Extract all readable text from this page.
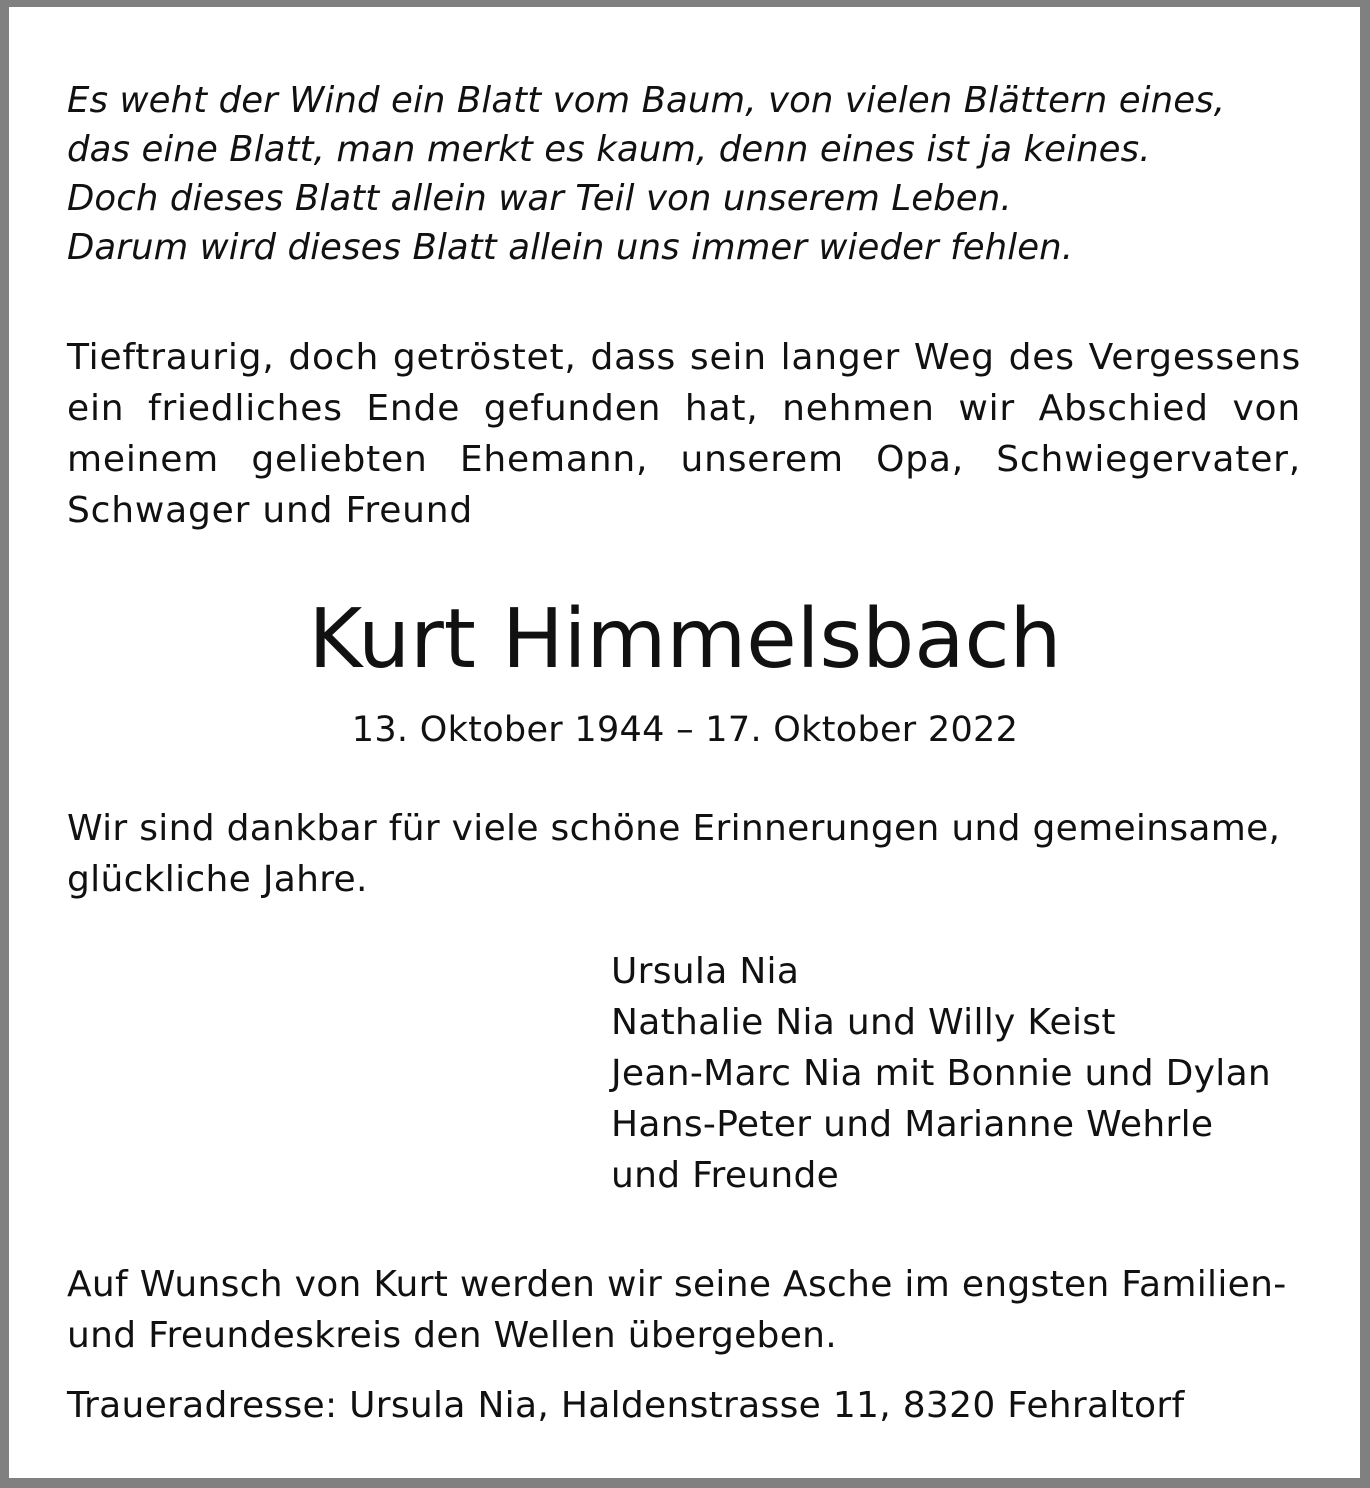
Es weht der Wind ein Blatt vom Baum, von vielen Blättern eines,
das eine Blatt, man merkt es kaum, denn eines ist ja keines.
Doch dieses Blatt allein war Teil von unserem Leben.
Darum wird dieses Blatt allein uns immer wieder fehlen.
Tieftraurig, doch getröstet, dass sein langer Weg des Vergessens
ein friedliches Ende gefunden hat, nehmen wir Abschied von
meinem geliebten Ehemann, unserem Opa, Schwiegervater,
Schwager und Freund
Kurt Himmelsbach
13. Oktober 1944 – 17. Oktober 2022
Wir sind dankbar für viele schöne Erinnerungen und gemeinsame,
glückliche Jahre.
Ursula Nia
Nathalie Nia und Willy Keist
Jean-Marc Nia mit Bonnie und Dylan
Hans-Peter und Marianne Wehrle
und Freunde
Auf Wunsch von Kurt werden wir seine Asche im engsten Familien-
und Freundeskreis den Wellen übergeben.
Traueradresse: Ursula Nia, Haldenstrasse 11, 8320 Fehraltorf
